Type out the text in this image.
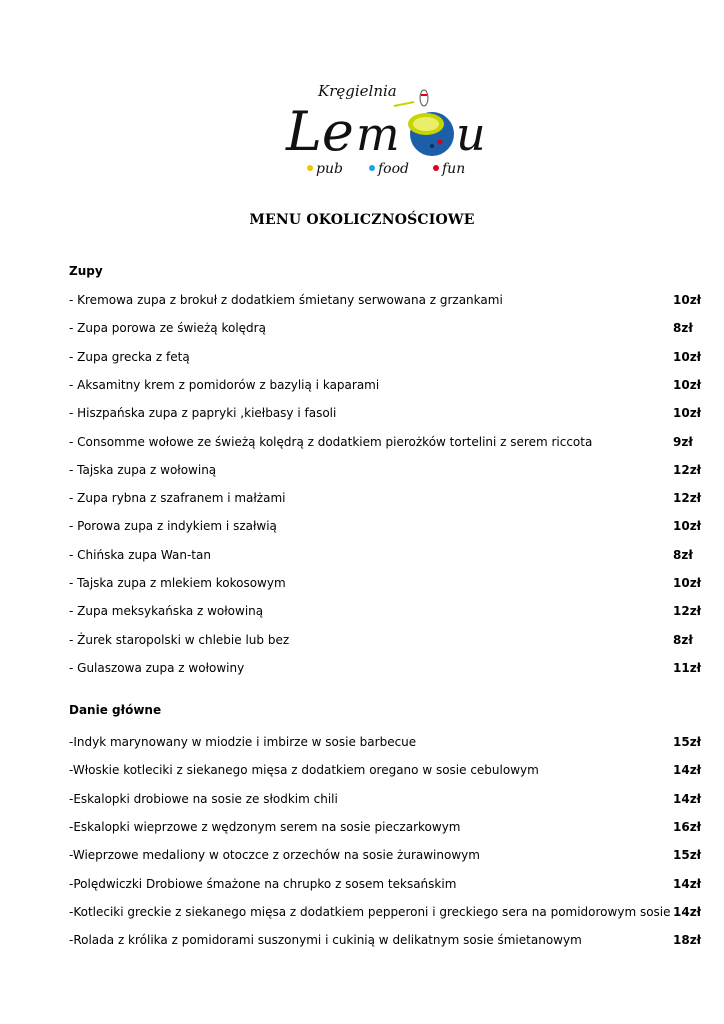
Kręgielnia
Le m u
pub	food fun
MENU OKOLICZNOŚCIOWE
Zupy
- Kremowa zupa z brokuł z dodatkiem śmietany serwowana z grzankami	10zł
- Zupa porowa ze świeżą kolędrą	8zł
- Zupa grecka z fetą	10zł
- Aksamitny krem z pomidorów z bazylią i kaparami	10zł
- Hiszpańska zupa z papryki ,kiełbasy i fasoli	10zł
- Consomme wołowe ze świeżą kolędrą z dodatkiem pierożków tortelini z serem riccota	9zł
- Tajska zupa z wołowiną	12zł
- Zupa rybna z szafranem i małżami	12zł
- Porowa zupa z indykiem i szałwią	10zł
- Chińska zupa Wan-tan	8zł
- Tajska zupa z mlekiem kokosowym	10zł
- Zupa meksykańska z wołowiną	12zł
- Żurek staropolski w chlebie lub bez	8zł
- Gulaszowa zupa z wołowiny	11zł
Danie główne
-Indyk marynowany w miodzie i imbirze w sosie barbecue	15zł
-Włoskie kotleciki z siekanego mięsa z dodatkiem oregano w sosie cebulowym	14zł
-Eskalopki drobiowe na sosie ze słodkim chili	14zł
-Eskalopki wieprzowe z wędzonym serem na sosie pieczarkowym	16zł
-Wieprzowe medaliony w otoczce z orzechów na sosie żurawinowym	15zł
-Polędwiczki Drobiowe śmażone na chrupko z sosem teksańskim	14zł
-Kotleciki greckie z siekanego mięsa z dodatkiem pepperoni i greckiego sera na pomidorowym sosie 14zł
-Rolada z królika z pomidorami suszonymi i cukinią w delikatnym sosie śmietanowym	18zł
